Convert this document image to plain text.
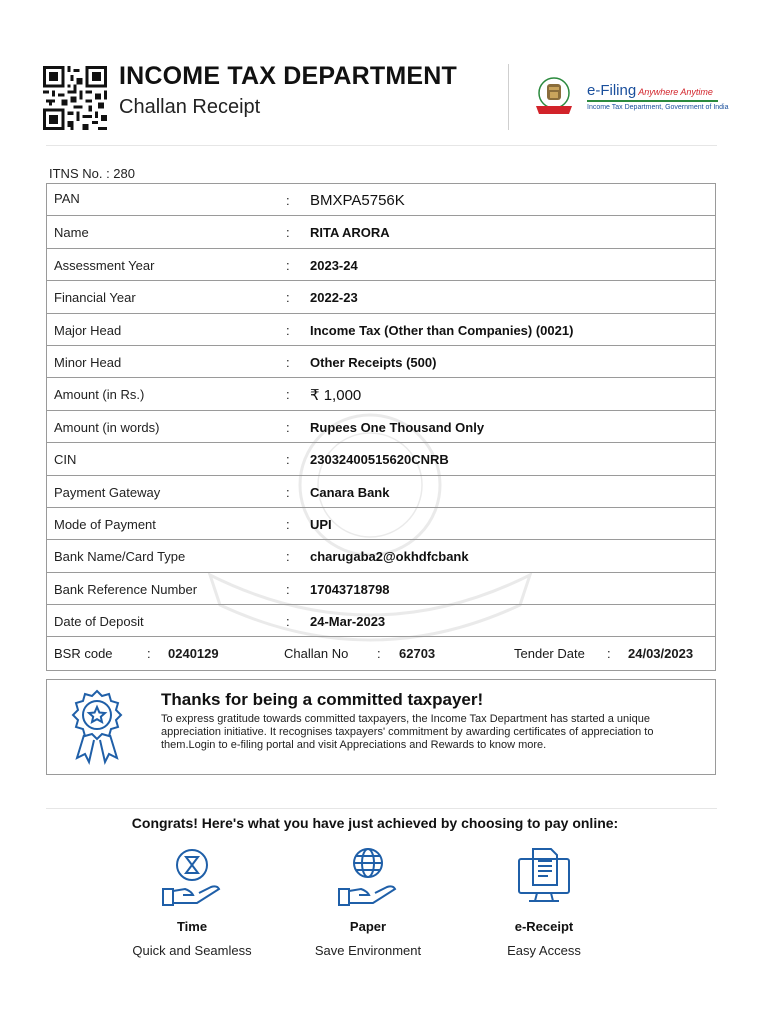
INCOME TAX DEPARTMENT
Challan Receipt
e-Filing Anywhere Anytime
Income Tax Department, Government of India
ITNS No. : 280
PAN	: BMXPA5756K
Name	: RITA ARORA
Assessment Year	: 2023-24
Financial Year	: 2022-23
Major Head	: Income Tax (Other than Companies) (0021)
Minor Head	: Other Receipts (500)
Amount (in Rs.)	: ₹ 1,000
Amount (in words)	: Rupees One Thousand Only
CIN	: 23032400515620CNRB
Payment Gateway	: Canara Bank
Mode of Payment	: UPI
Bank Name/Card Type	: charugaba2@okhdfcbank
Bank Reference Number	: 17043718798
Date of Deposit	: 24-Mar-2023
BSR code	: 0240129	Challan No : 62703	Tender Date : 24/03/2023
Thanks for being a committed taxpayer!
To express gratitude towards committed taxpayers, the Income Tax Department has started a unique appreciation initiative. It recognises taxpayers' commitment by awarding certificates of appreciation to them.Login to e-filing portal and visit Appreciations and Rewards to know more.
Congrats! Here's what you have just achieved by choosing to pay online:
Time
Quick and Seamless
Paper
Save Environment
e-Receipt
Easy Access
